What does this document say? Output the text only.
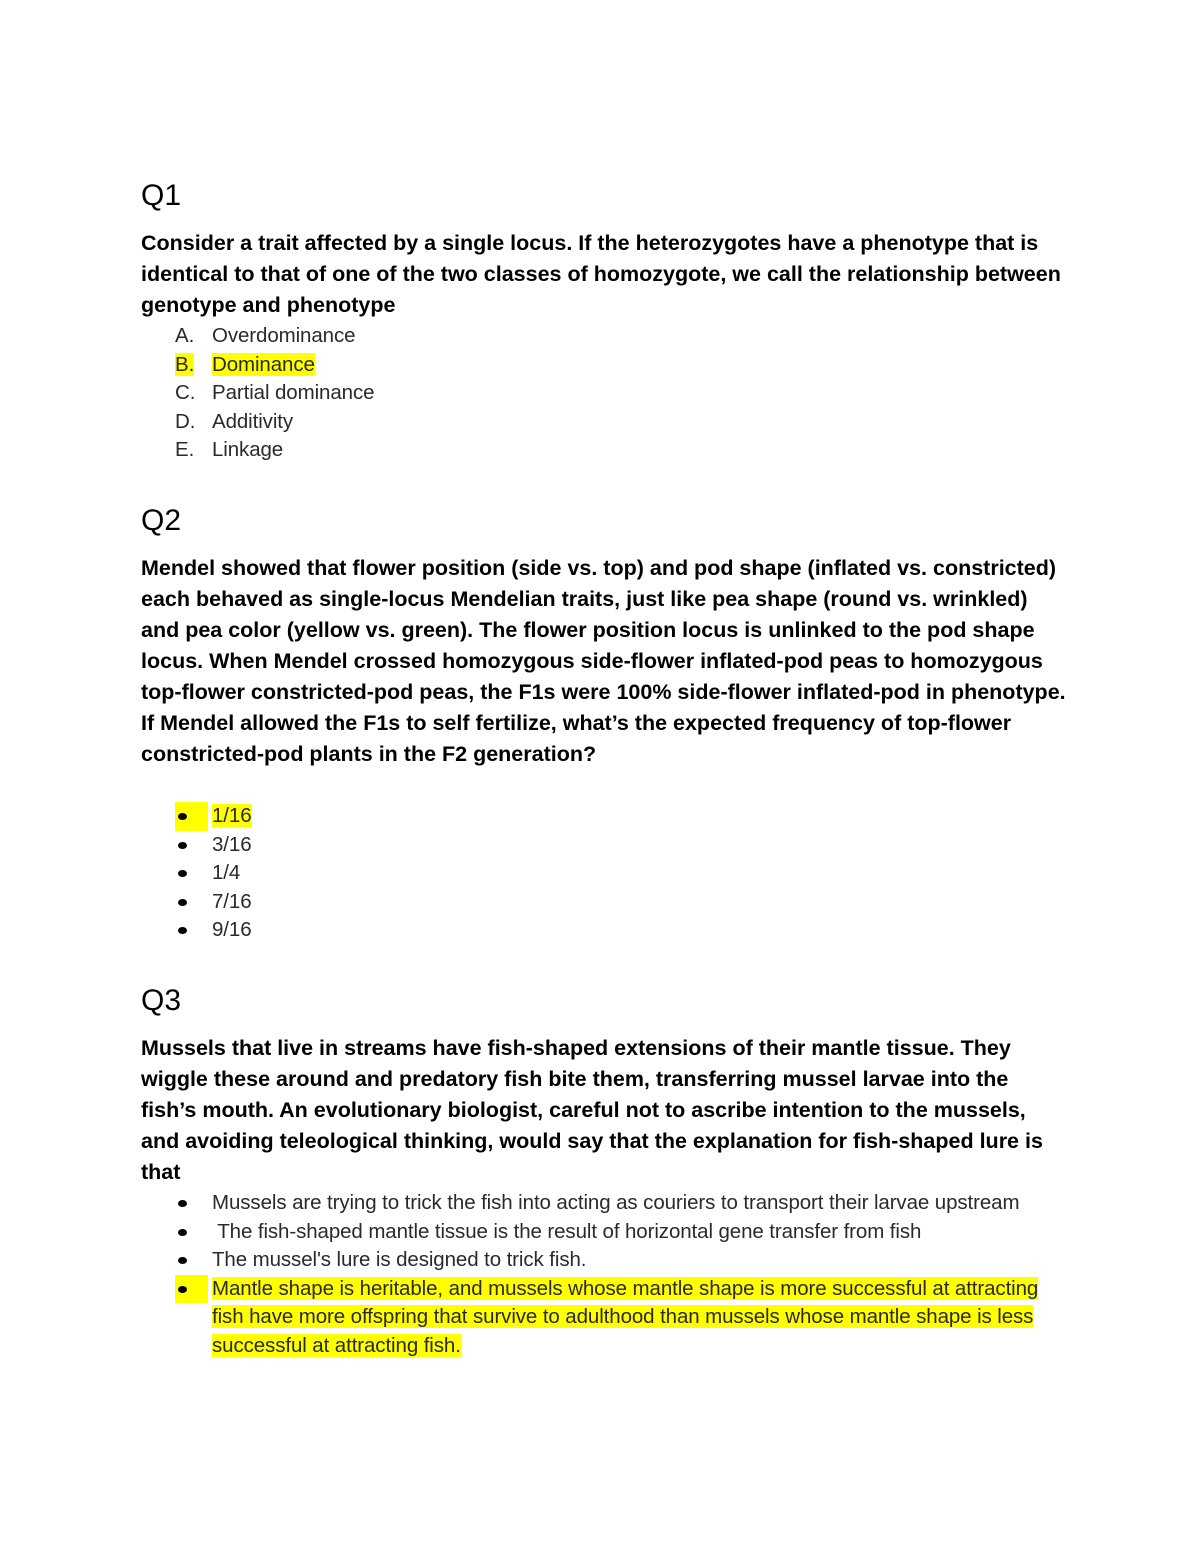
Q1

Consider a trait affected by a single locus. If the heterozygotes have a phenotype that is identical to that of one of the two classes of homozygote, we call the relationship between genotype and phenotype

A. Overdominance
B. Dominance
C. Partial dominance
D. Additivity
E. Linkage
Q2

Mendel showed that flower position (side vs. top) and pod shape (inflated vs. constricted) each behaved as single-locus Mendelian traits, just like pea shape (round vs. wrinkled) and pea color (yellow vs. green). The flower position locus is unlinked to the pod shape locus. When Mendel crossed homozygous side-flower inflated-pod peas to homozygous top-flower constricted-pod peas, the F1s were 100% side-flower inflated-pod in phenotype. If Mendel allowed the F1s to self fertilize, what’s the expected frequency of top-flower constricted-pod plants in the F2 generation?

1/16
3/16
1/4
7/16
9/16
Q3

Mussels that live in streams have fish-shaped extensions of their mantle tissue. They wiggle these around and predatory fish bite them, transferring mussel larvae into the fish’s mouth. An evolutionary biologist, careful not to ascribe intention to the mussels, and avoiding teleological thinking, would say that the explanation for fish-shaped lure is that

Mussels are trying to trick the fish into acting as couriers to transport their larvae upstream
The fish-shaped mantle tissue is the result of horizontal gene transfer from fish
The mussel's lure is designed to trick fish.
Mantle shape is heritable, and mussels whose mantle shape is more successful at attracting fish have more offspring that survive to adulthood than mussels whose mantle shape is less successful at attracting fish.
